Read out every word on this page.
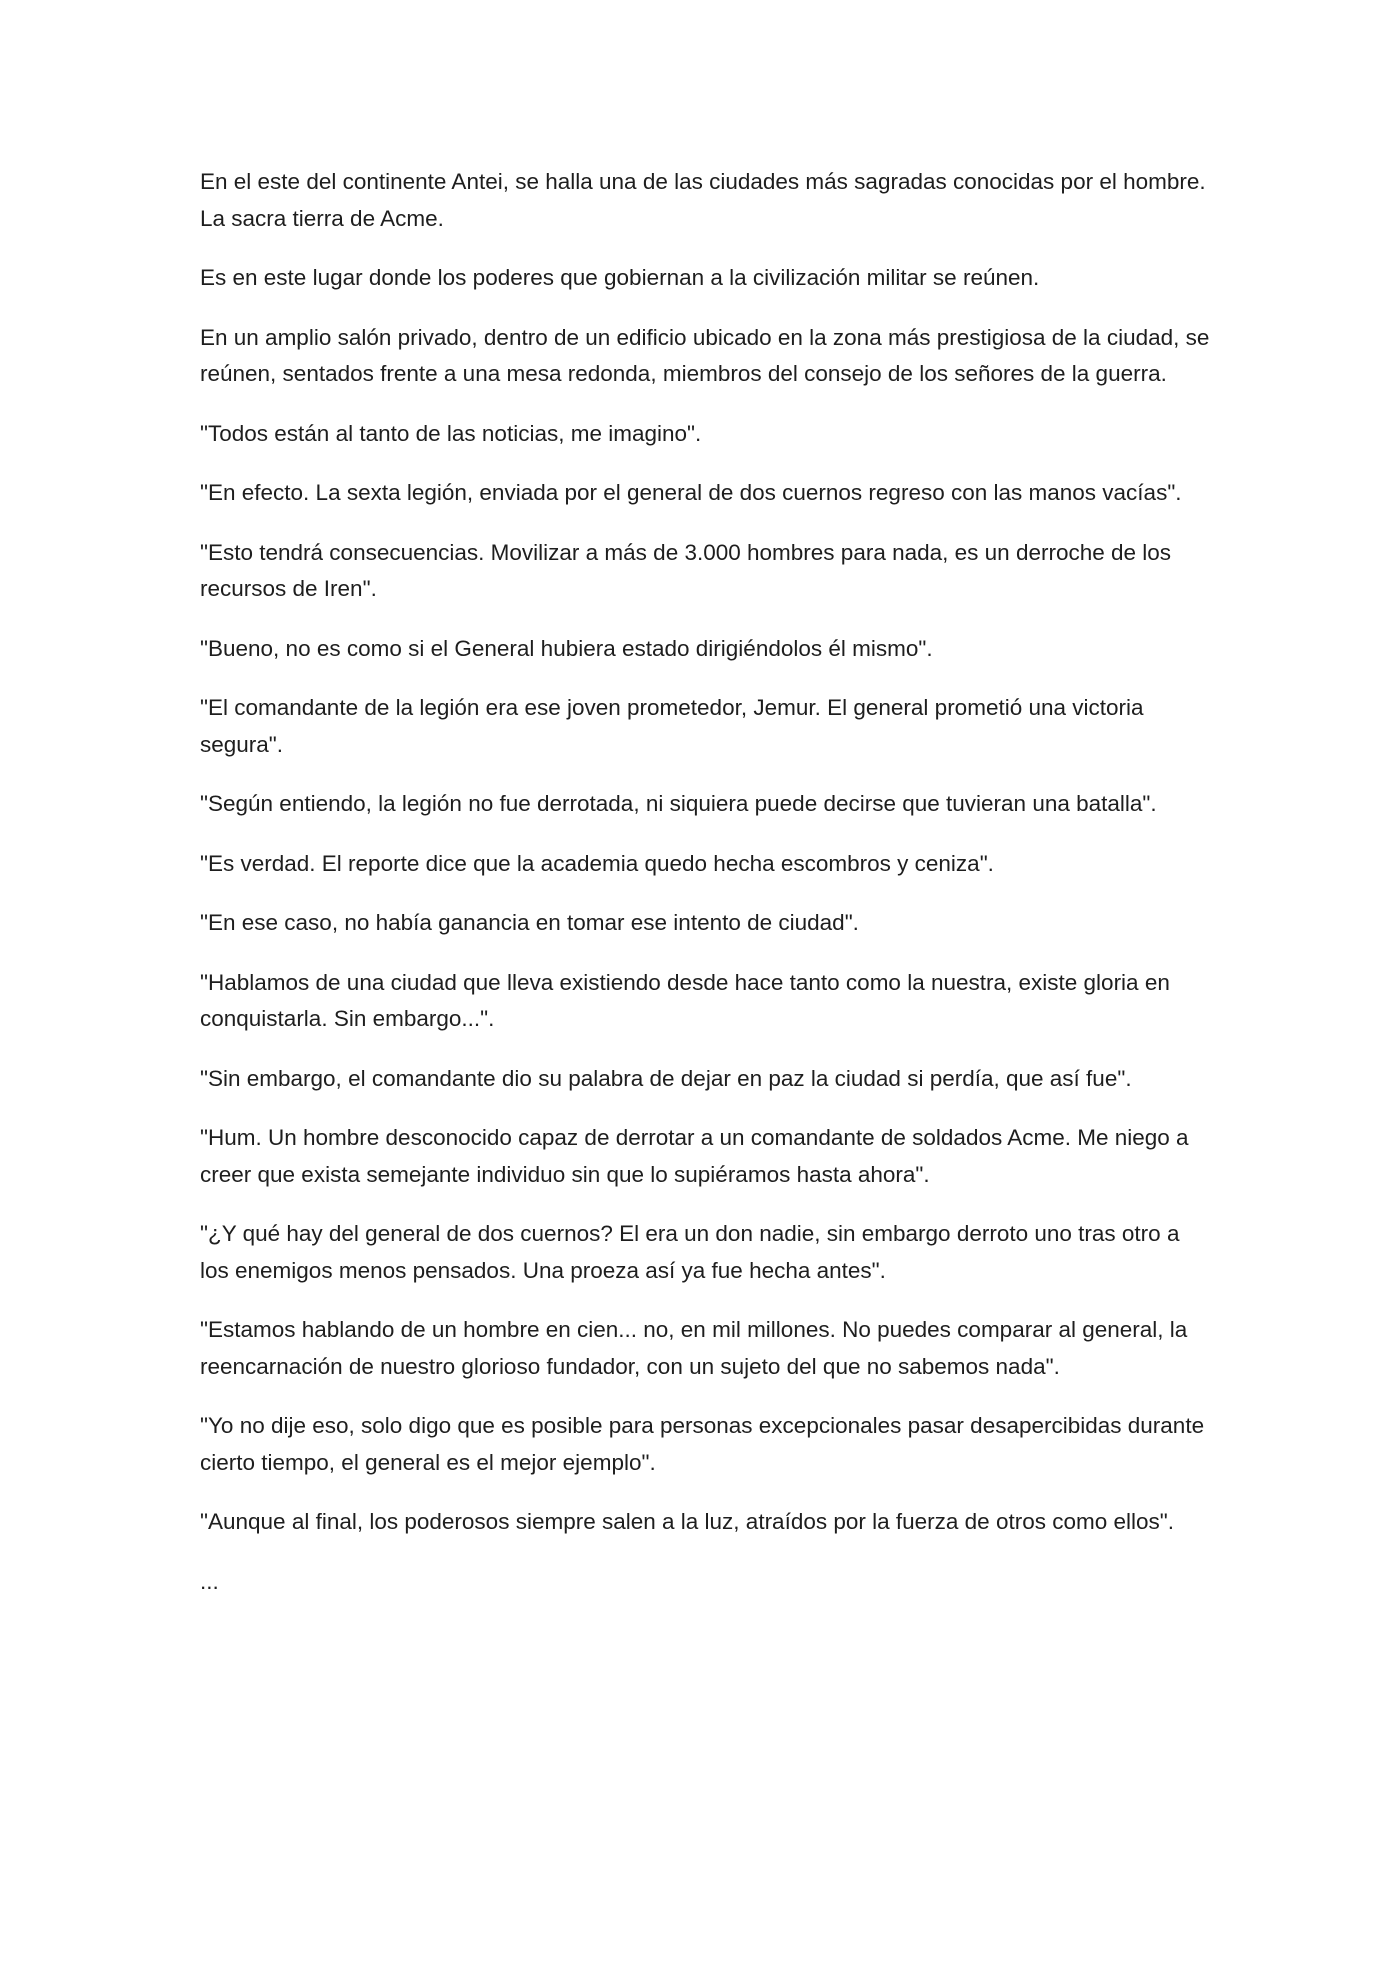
En el este del continente Antei, se halla una de las ciudades más sagradas conocidas por el hombre. La sacra tierra de Acme.

Es en este lugar donde los poderes que gobiernan a la civilización militar se reúnen.

En un amplio salón privado, dentro de un edificio ubicado en la zona más prestigiosa de la ciudad, se reúnen, sentados frente a una mesa redonda, miembros del consejo de los señores de la guerra.

"Todos están al tanto de las noticias, me imagino".

"En efecto. La sexta legión, enviada por el general de dos cuernos regreso con las manos vacías".

"Esto tendrá consecuencias. Movilizar a más de 3.000 hombres para nada, es un derroche de los recursos de Iren".

"Bueno, no es como si el General hubiera estado dirigiéndolos él mismo".

"El comandante de la legión era ese joven prometedor, Jemur. El general prometió una victoria segura".

"Según entiendo, la legión no fue derrotada, ni siquiera puede decirse que tuvieran una batalla".

"Es verdad. El reporte dice que la academia quedo hecha escombros y ceniza".

"En ese caso, no había ganancia en tomar ese intento de ciudad".

"Hablamos de una ciudad que lleva existiendo desde hace tanto como la nuestra, existe gloria en conquistarla. Sin embargo...".

"Sin embargo, el comandante dio su palabra de dejar en paz la ciudad si perdía, que así fue".

"Hum. Un hombre desconocido capaz de derrotar a un comandante de soldados Acme. Me niego a creer que exista semejante individuo sin que lo supiéramos hasta ahora".

"¿Y qué hay del general de dos cuernos? El era un don nadie, sin embargo derroto uno tras otro a los enemigos menos pensados. Una proeza así ya fue hecha antes".

"Estamos hablando de un hombre en cien... no, en mil millones. No puedes comparar al general, la reencarnación de nuestro glorioso fundador, con un sujeto del que no sabemos nada".

"Yo no dije eso, solo digo que es posible para personas excepcionales pasar desapercibidas durante cierto tiempo, el general es el mejor ejemplo".

"Aunque al final, los poderosos siempre salen a la luz, atraídos por la fuerza de otros como ellos".

...
